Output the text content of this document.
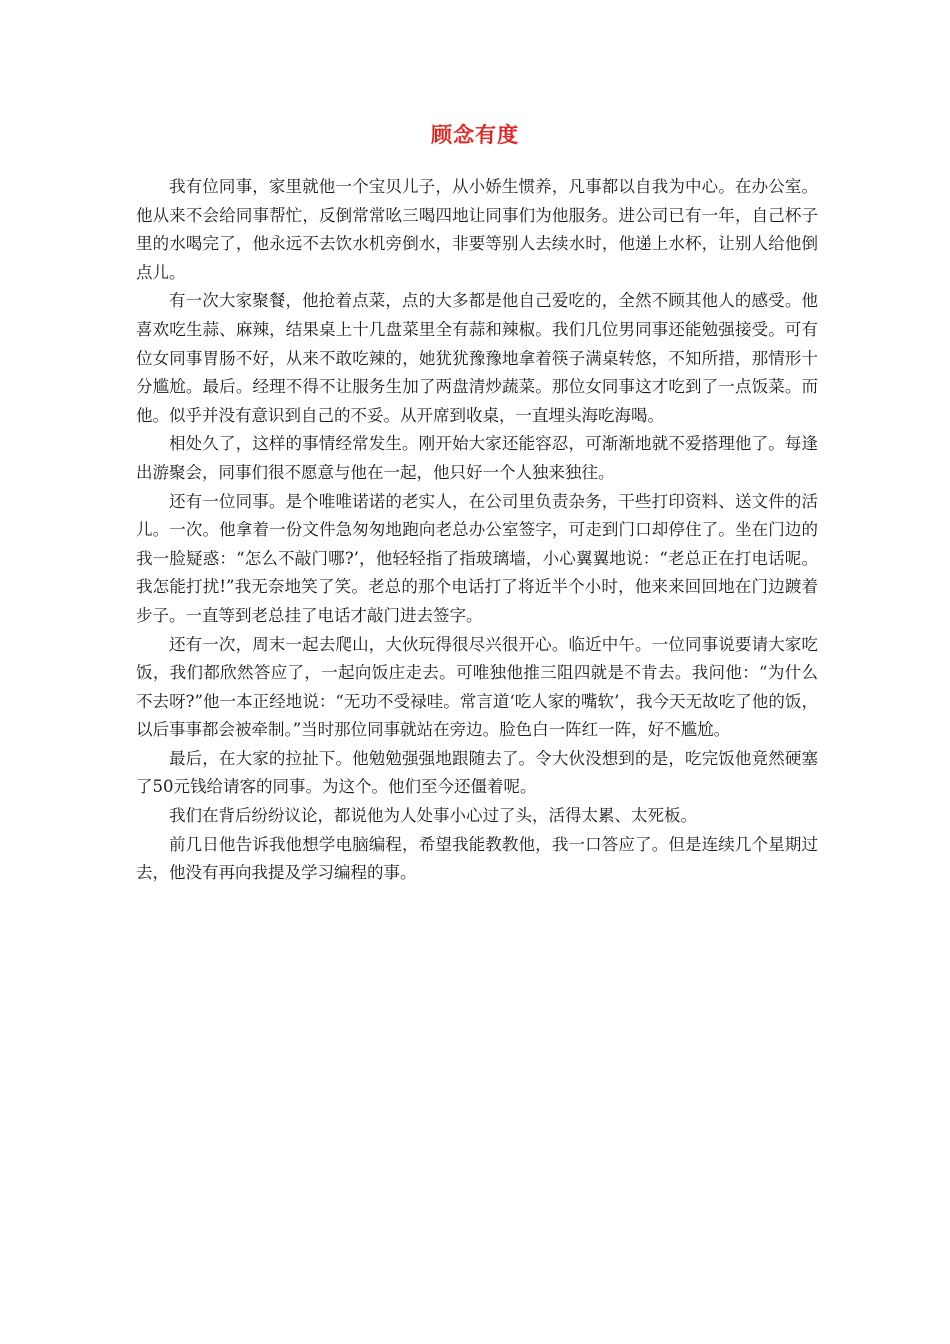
顾念有度

我有位同事，家里就他一个宝贝儿子，从小娇生惯养，凡事都以自我为中心。在办公室。他从来不会给同事帮忙，反倒常常吆三喝四地让同事们为他服务。进公司已有一年，自己杯子里的水喝完了，他永远不去饮水机旁倒水，非要等别人去续水时，他递上水杯，让别人给他倒点儿。

有一次大家聚餐，他抢着点菜，点的大多都是他自己爱吃的，全然不顾其他人的感受。他喜欢吃生蒜、麻辣，结果桌上十几盘菜里全有蒜和辣椒。我们几位男同事还能勉强接受。可有位女同事胃肠不好，从来不敢吃辣的，她犹犹豫豫地拿着筷子满桌转悠，不知所措，那情形十分尴尬。最后。经理不得不让服务生加了两盘清炒蔬菜。那位女同事这才吃到了一点饭菜。而他。似乎并没有意识到自己的不妥。从开席到收桌，一直埋头海吃海喝。

相处久了，这样的事情经常发生。刚开始大家还能容忍，可渐渐地就不爱搭理他了。每逢出游聚会，同事们很不愿意与他在一起，他只好一个人独来独往。

还有一位同事。是个唯唯诺诺的老实人，在公司里负责杂务，干些打印资料、送文件的活儿。一次。他拿着一份文件急匆匆地跑向老总办公室签字，可走到门口却停住了。坐在门边的我一脸疑惑：“怎么不敲门哪?’，他轻轻指了指玻璃墙，小心翼翼地说：“老总正在打电话呢。我怎能打扰!”我无奈地笑了笑。老总的那个电话打了将近半个小时，他来来回回地在门边踱着步子。一直等到老总挂了电话才敲门进去签字。

还有一次，周末一起去爬山，大伙玩得很尽兴很开心。临近中午。一位同事说要请大家吃饭，我们都欣然答应了，一起向饭庄走去。可唯独他推三阻四就是不肯去。我问他：“为什么不去呀?”他一本正经地说：“无功不受禄哇。常言道‘吃人家的嘴软’，我今天无故吃了他的饭，以后事事都会被牵制。”当时那位同事就站在旁边。脸色白一阵红一阵，好不尴尬。

最后，在大家的拉扯下。他勉勉强强地跟随去了。令大伙没想到的是，吃完饭他竟然硬塞了50元钱给请客的同事。为这个。他们至今还僵着呢。

我们在背后纷纷议论，都说他为人处事小心过了头，活得太累、太死板。

前几日他告诉我他想学电脑编程，希望我能教教他，我一口答应了。但是连续几个星期过去，他没有再向我提及学习编程的事。
